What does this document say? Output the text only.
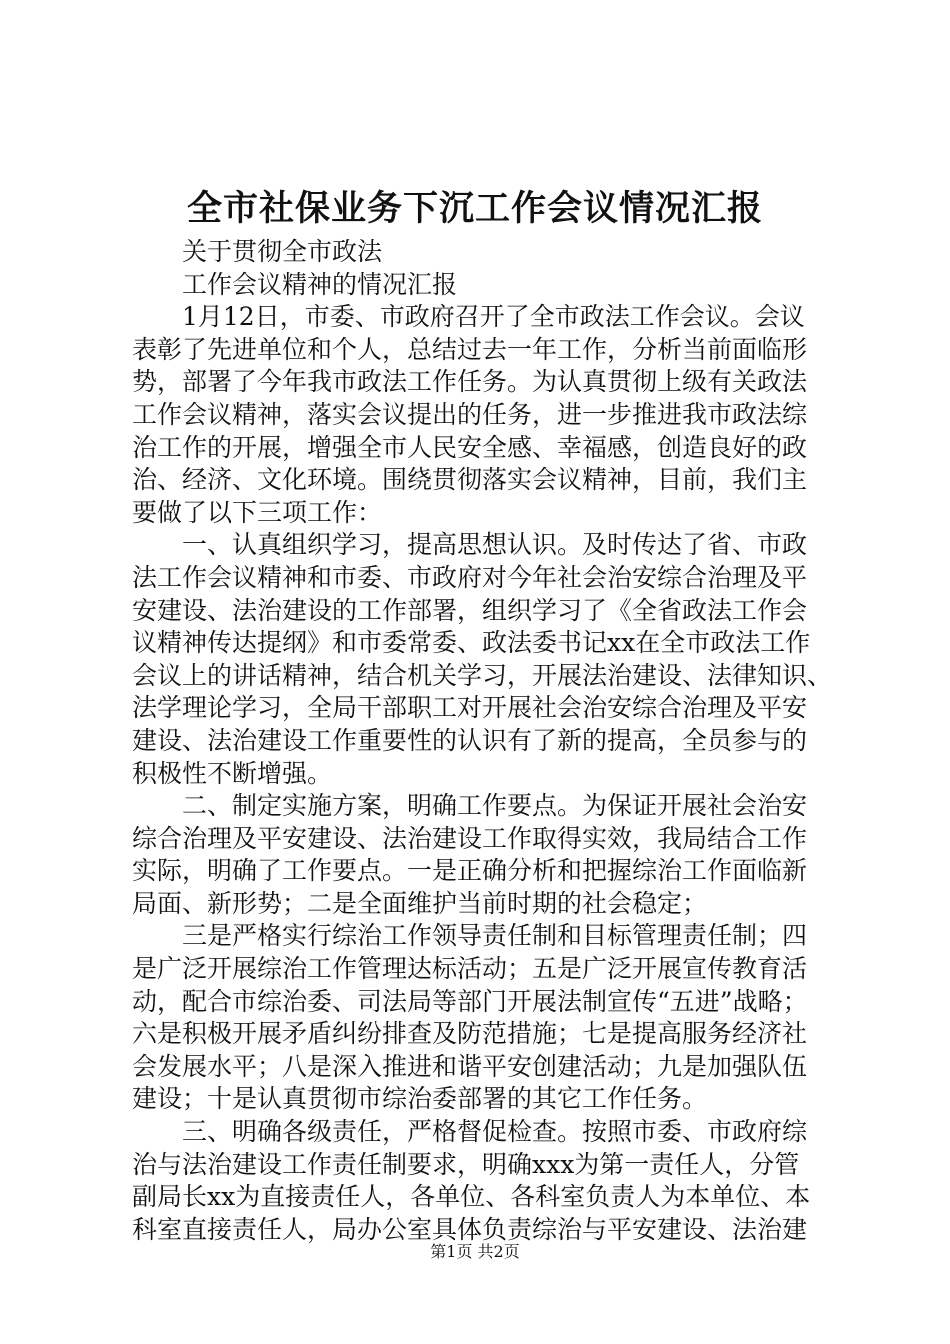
全市社保业务下沉工作会议情况汇报
关于贯彻全市政法
工作会议精神的情况汇报
1月12日，市委、市政府召开了全市政法工作会议。会议
表彰了先进单位和个人，总结过去一年工作，分析当前面临形
势，部署了今年我市政法工作任务。为认真贯彻上级有关政法
工作会议精神，落实会议提出的任务，进一步推进我市政法综
治工作的开展，增强全市人民安全感、幸福感，创造良好的政
治、经济、文化环境。围绕贯彻落实会议精神，目前，我们主
要做了以下三项工作：
一、认真组织学习，提高思想认识。及时传达了省、市政
法工作会议精神和市委、市政府对今年社会治安综合治理及平
安建设、法治建设的工作部署，组织学习了《全省政法工作会
议精神传达提纲》和市委常委、政法委书记xx在全市政法工作
会议上的讲话精神，结合机关学习，开展法治建设、法律知识、
法学理论学习，全局干部职工对开展社会治安综合治理及平安
建设、法治建设工作重要性的认识有了新的提高，全员参与的
积极性不断增强。
二、制定实施方案，明确工作要点。为保证开展社会治安
综合治理及平安建设、法治建设工作取得实效，我局结合工作
实际，明确了工作要点。一是正确分析和把握综治工作面临新
局面、新形势；二是全面维护当前时期的社会稳定；
三是严格实行综治工作领导责任制和目标管理责任制；四
是广泛开展综治工作管理达标活动；五是广泛开展宣传教育活
动，配合市综治委、司法局等部门开展法制宣传“五进”战略；
六是积极开展矛盾纠纷排查及防范措施；七是提高服务经济社
会发展水平；八是深入推进和谐平安创建活动；九是加强队伍
建设；十是认真贯彻市综治委部署的其它工作任务。
三、明确各级责任，严格督促检查。按照市委、市政府综
治与法治建设工作责任制要求，明确xxx为第一责任人，分管
副局长xx为直接责任人，各单位、各科室负责人为本单位、本
科室直接责任人，局办公室具体负责综治与平安建设、法治建
第1页 共2页
